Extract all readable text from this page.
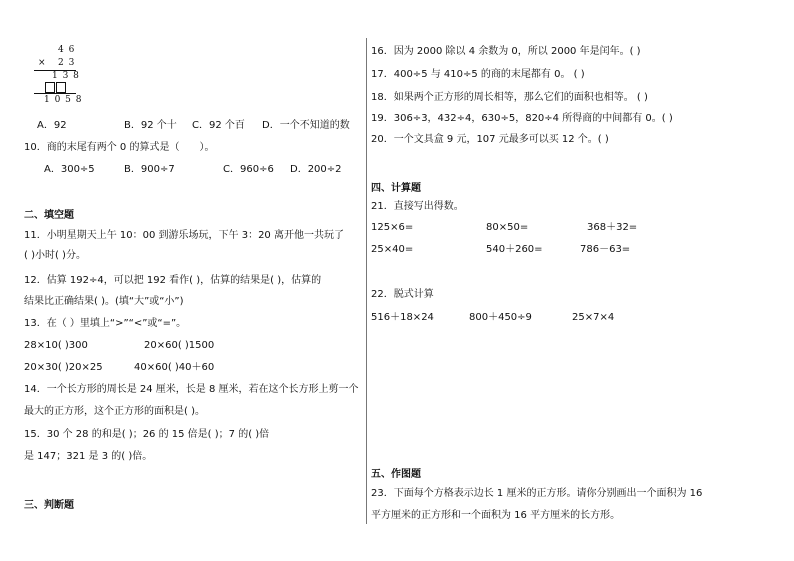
4 6
× 2 3
1 3 8
1 0 5 8
A．92	B．92 个十 C．92 个百 D．一个不知道的数
10．商的末尾有两个 0 的算式是（　　）。
A．300÷5	B．900÷7	C．960÷6 D．200÷2
二、填空题
11．小明星期天上午 10：00 到游乐场玩，下午 3：20 离开他一共玩了
( )小时( )分。
12．估算 192÷4，可以把 192 看作( )，估算的结果是( )，估算的
结果比正确结果( )。(填“大”或“小”)
13．在（ ）里填上“>”“<”或“=”。
28×10( )300	20×60( )1500
20×30( )20×25	40×60( )40＋60
14．一个长方形的周长是 24 厘米，长是 8 厘米，若在这个长方形上剪一个
最大的正方形，这个正方形的面积是( )。
15．30 个 28 的和是( )；26 的 15 倍是( )；7 的( )倍
是 147；321 是 3 的( )倍。
三、判断题
16．因为 2000 除以 4 余数为 0，所以 2000 年是闰年。( )
17．400÷5 与 410÷5 的商的末尾都有 0。 ( )
18．如果两个正方形的周长相等，那么它们的面积也相等。 ( )
19．306÷3，432÷4，630÷5，820÷4 所得商的中间都有 0。( )
20．一个文具盒 9 元，107 元最多可以买 12 个。( )
四、计算题
21．直接写出得数。
125×6=	80×50=	368＋32=
25×40=	540＋260=	786－63=
22．脱式计算
516＋18×24	800＋450÷9	25×7×4
五、作图题
23．下面每个方格表示边长 1 厘米的正方形。请你分别画出一个面积为 16
平方厘米的正方形和一个面积为 16 平方厘米的长方形。
